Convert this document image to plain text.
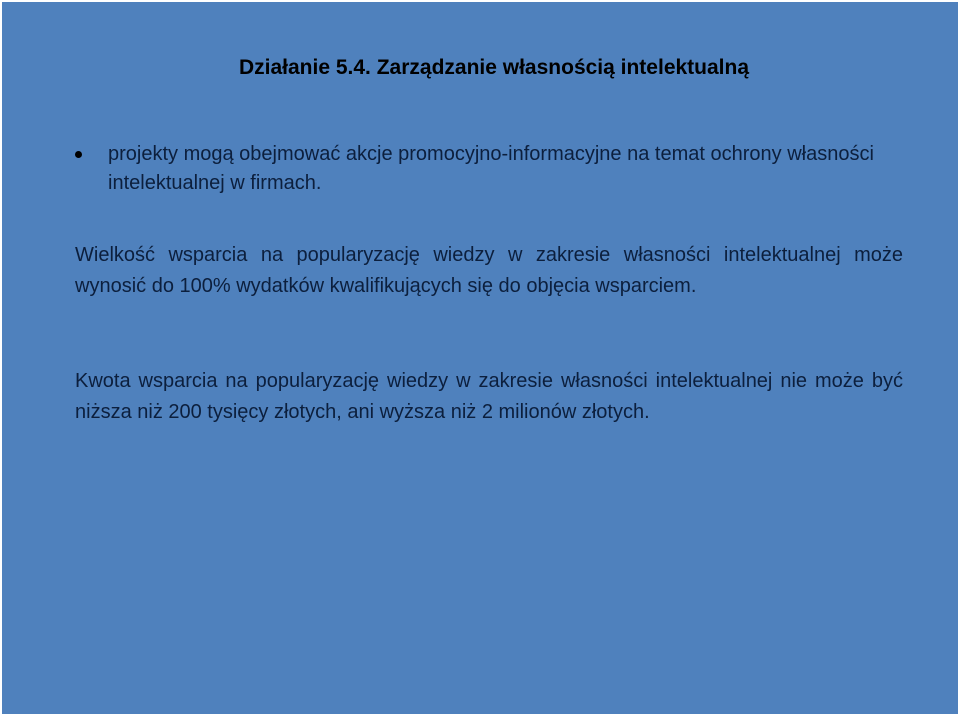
Działanie 5.4. Zarządzanie własnością intelektualną
projekty mogą obejmować akcje promocyjno-informacyjne na temat ochrony własności intelektualnej w firmach.

Wielkość wsparcia na popularyzację wiedzy w zakresie własności intelektualnej może wynosić do 100% wydatków kwalifikujących się do objęcia wsparciem.

Kwota wsparcia na popularyzację wiedzy w zakresie własności intelektualnej nie może być niższa niż 200 tysięcy złotych, ani wyższa niż 2 milionów złotych.
